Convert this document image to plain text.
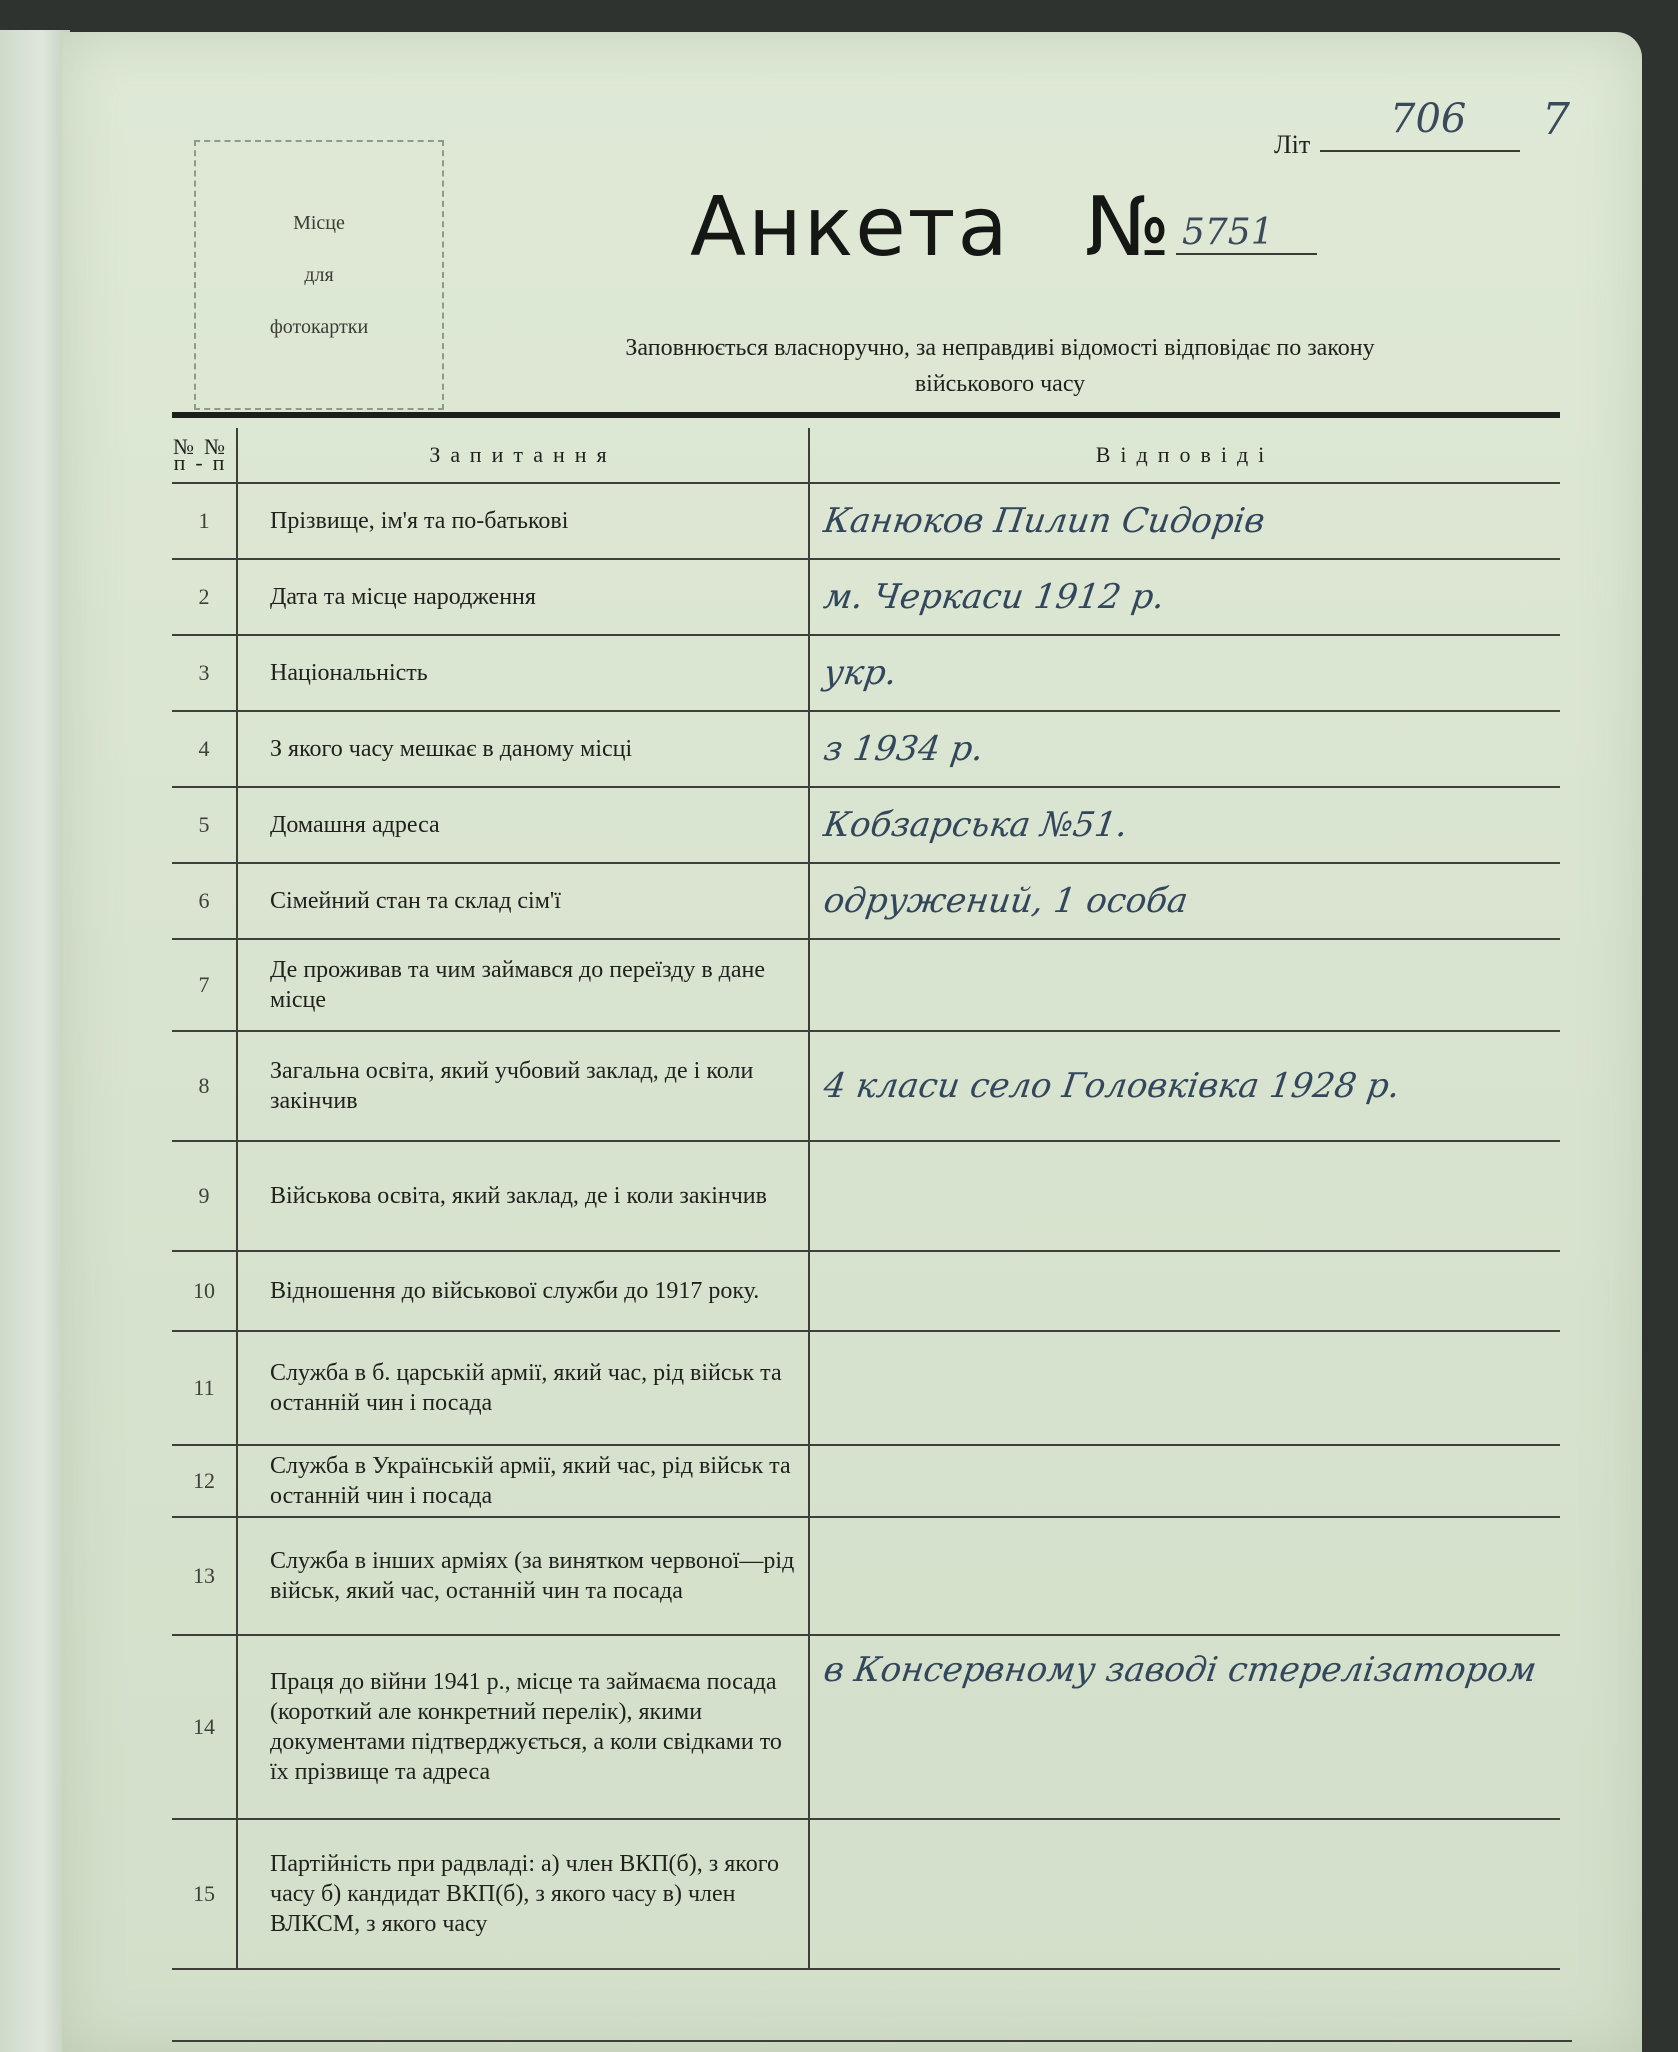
Літ
706 7
Місце
для
фотокартки
Анкета № 5751
Заповнюється власноручно, за неправдиві відомості відповідає по закону
військового часу
№№ п-п	Запитання	Відповіді
1	Прізвище, ім'я та по-батькові	Канюков Пилип Сидорів
2	Дата та місце народження	м. Черкаси 1912 р.
3	Національність	укр.
4	З якого часу мешкає в даному місці	з 1934 р.
5	Домашня адреса	Кобзарська №51.
6	Сімейний стан та склад сім'ї	одружений, 1 особа
7	Де проживав та чим займався до переїзду в дане місце	

8	Загальна освіта, який учбовий заклад, де і коли закінчив	4 класи село Головківка 1928 р.
9	Військова освіта, який заклад, де і коли закінчив	

10	Відношення до військової служби до 1917 року.	

11	Служба в б. царській армії, який час, рід військ та останній чин і посада	

12	Служба в Українській армії, який час, рід військ та останній чин і посада	

13	Служба в інших арміях (за винятком червоної—рід військ, який час, останній чин та посада	

14	Праця до війни 1941 р., місце та займаєма посада (короткий але конкретний перелік), якими документами підтверджується, а коли свідками то їх прізвище та адреса	в Консервному заводі стерелізатором
15	Партійність при радвладі: а) член ВКП(б), з якого часу б) кандидат ВКП(б), з якого часу в) член ВЛКСМ, з якого часу	
